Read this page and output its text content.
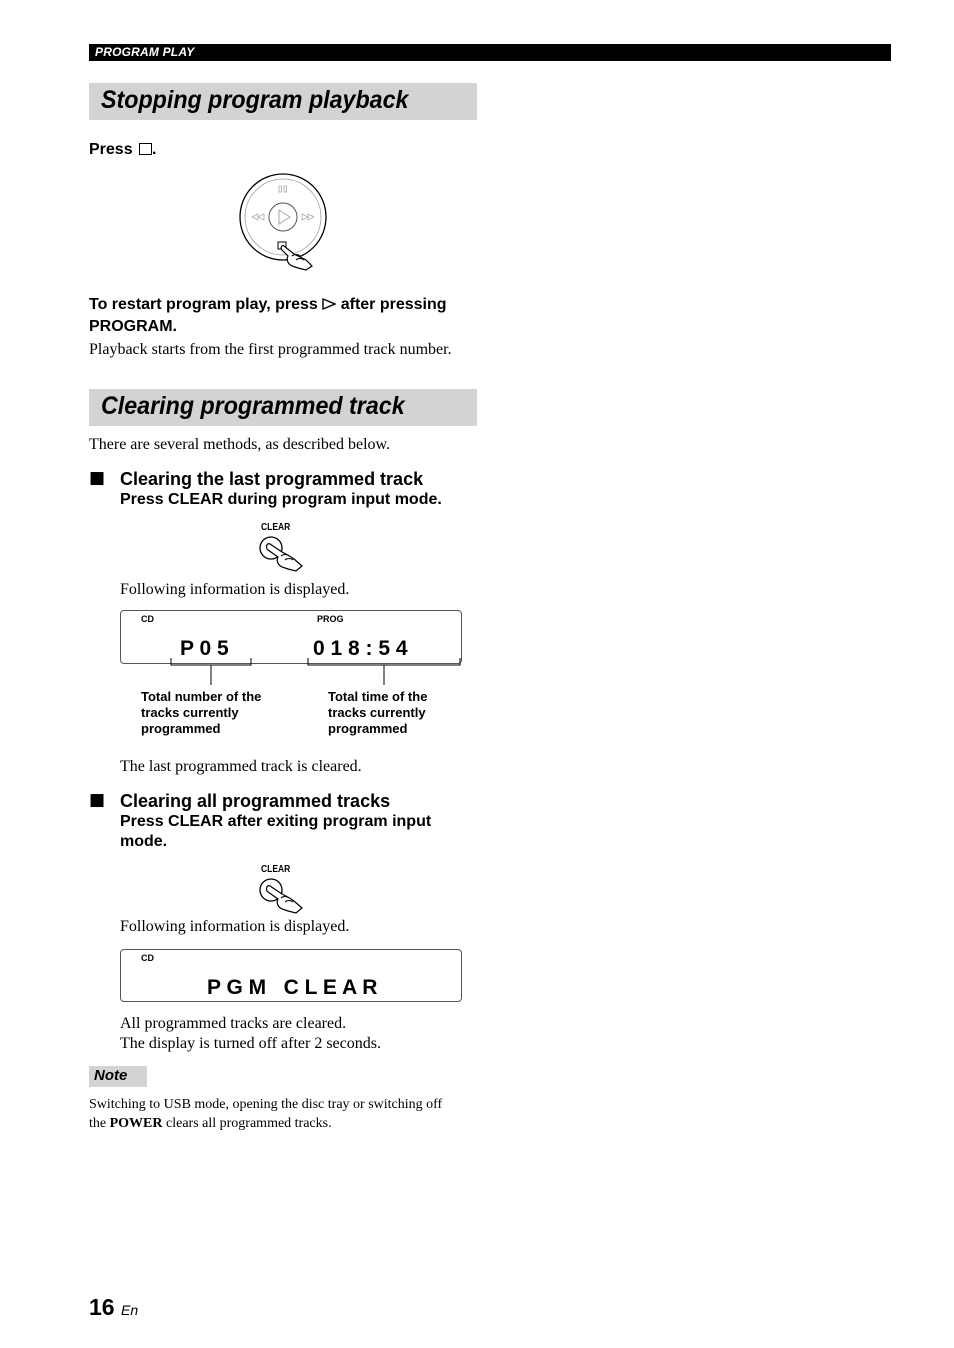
PROGRAM PLAY
Stopping program playback
Press .
To restart program play, press after pressing
PROGRAM.
Playback starts from the first programmed track number.
Clearing programmed track
There are several methods, as described below.
■ Clearing the last programmed track
Press CLEAR during program input mode.
CLEAR
Following information is displayed.
CD	PROG
P 0 5	0 1 8 : 5 4
Total number of the
tracks currently
programmed
Total time of the
tracks currently
programmed
The last programmed track is cleared.
■ Clearing all programmed tracks
Press CLEAR after exiting program input
mode.
CLEAR
Following information is displayed.
CD
P G M   C L E A R
All programmed tracks are cleared.
The display is turned off after 2 seconds.
Note
Switching to USB mode, opening the disc tray or switching off
the POWER clears all programmed tracks.
16 En
